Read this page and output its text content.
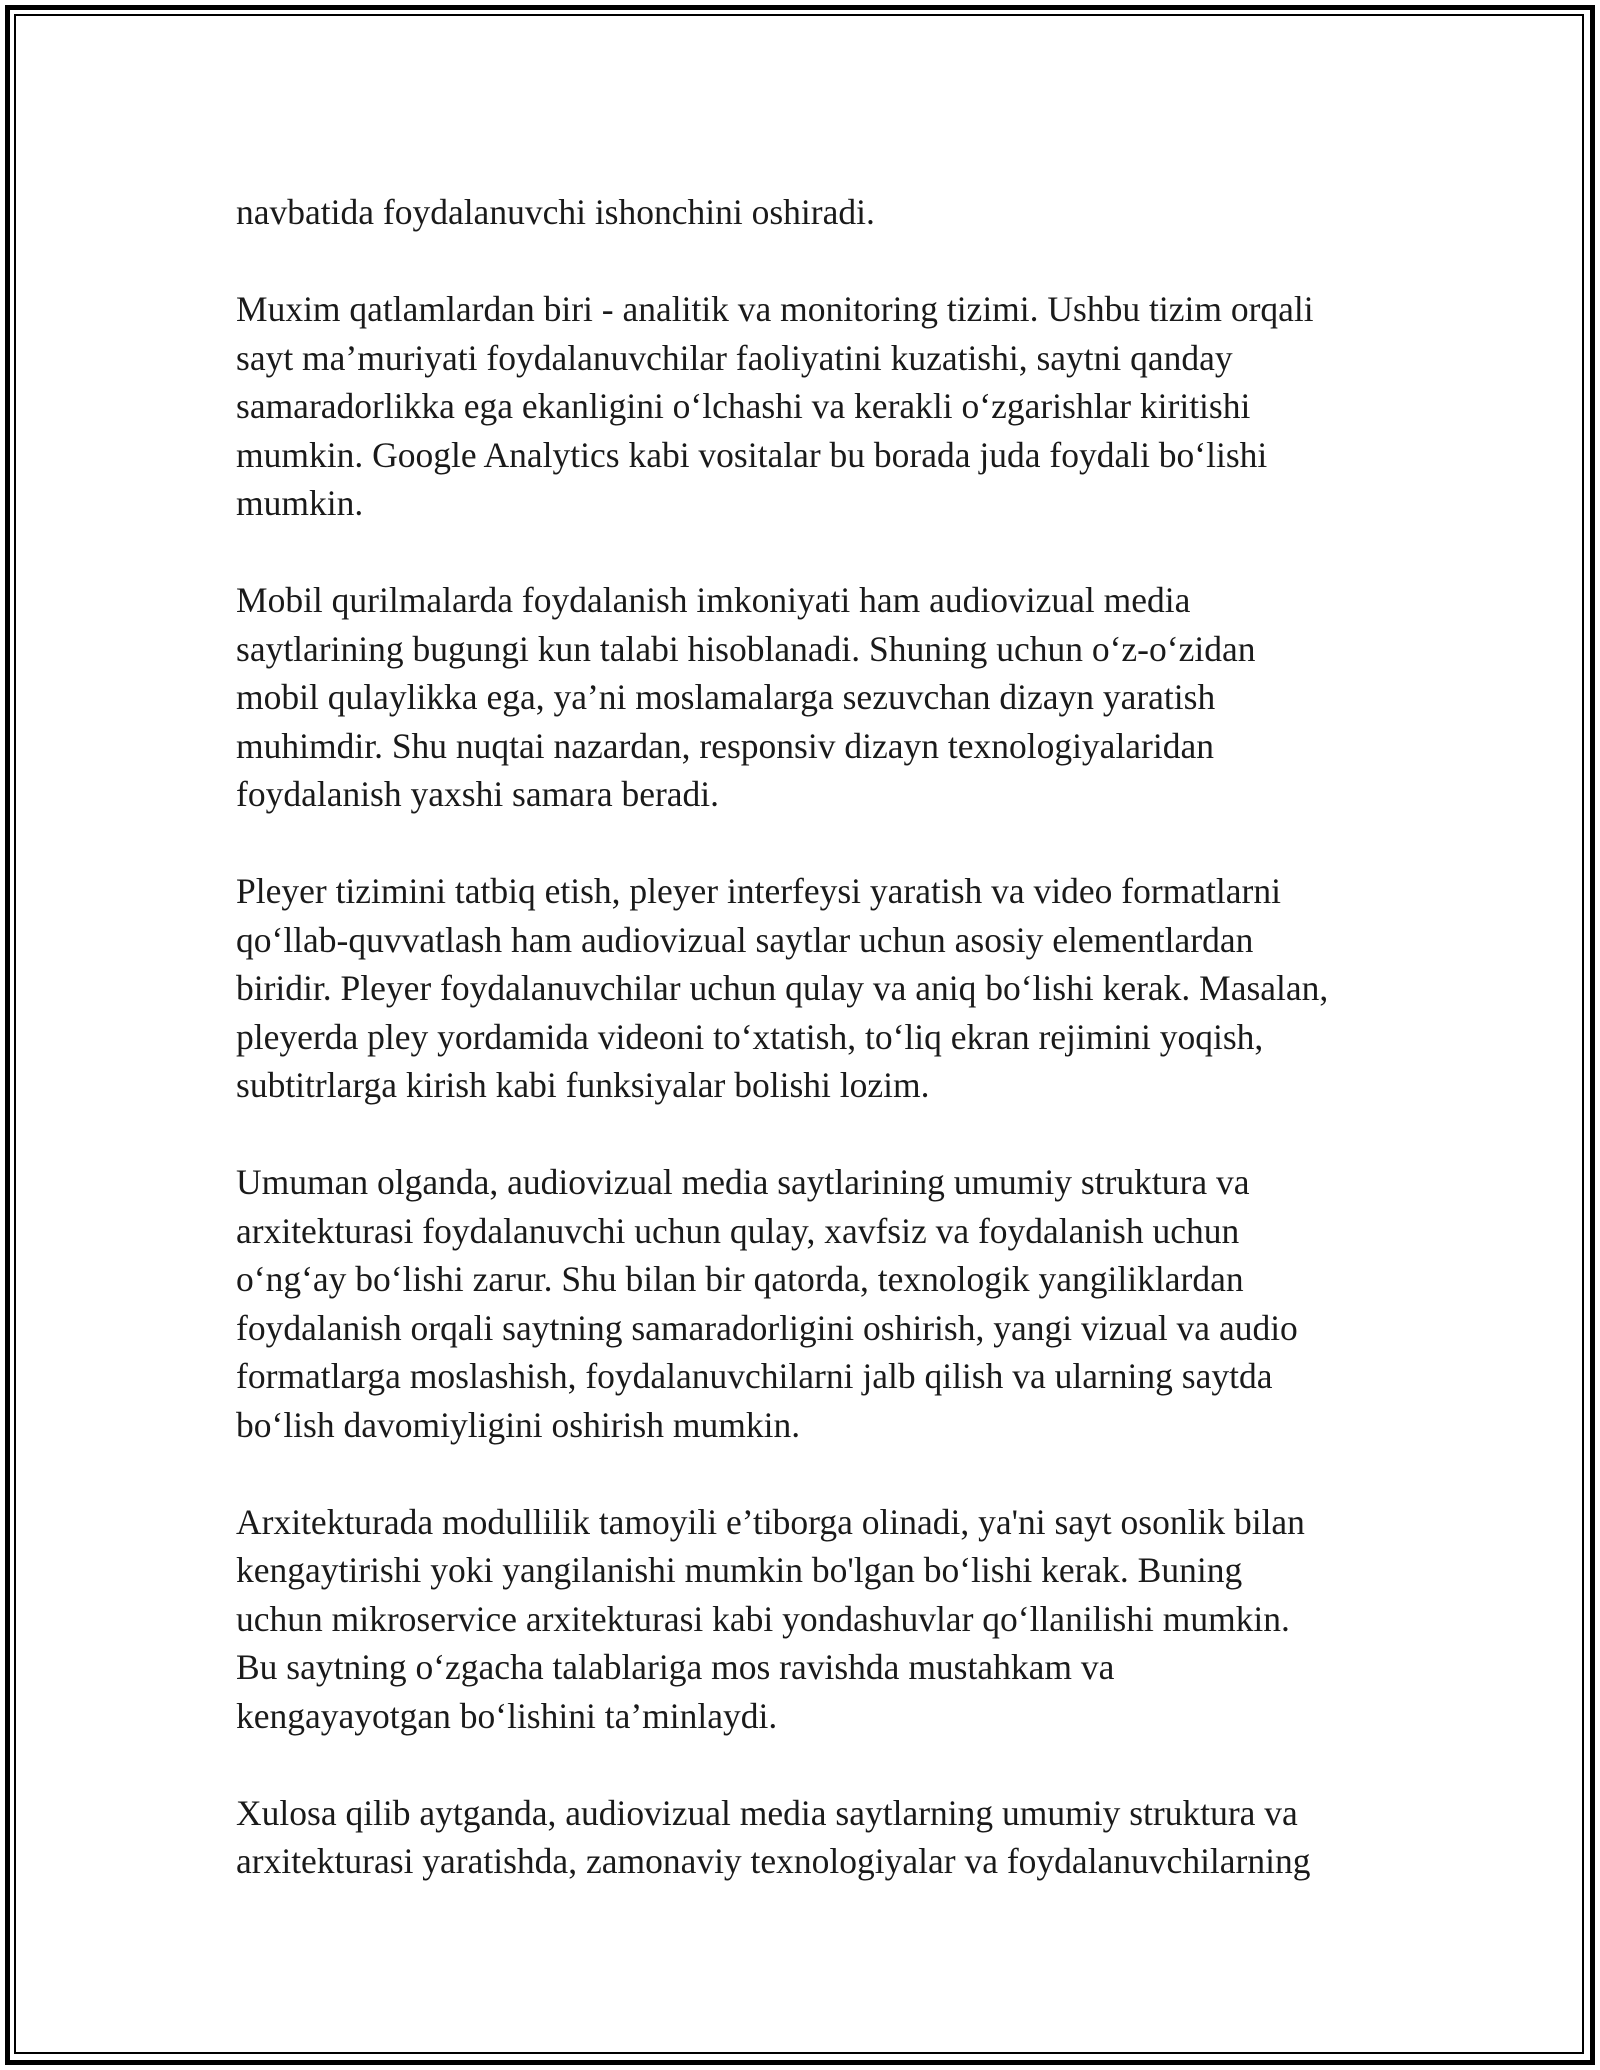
navbatida foydalanuvchi ishonchini oshiradi.
Muxim qatlamlardan biri - analitik va monitoring tizimi. Ushbu tizim orqali
sayt ma’muriyati foydalanuvchilar faoliyatini kuzatishi, saytni qanday
samaradorlikka ega ekanligini o‘lchashi va kerakli o‘zgarishlar kiritishi
mumkin. Google Analytics kabi vositalar bu borada juda foydali bo‘lishi
mumkin.
Mobil qurilmalarda foydalanish imkoniyati ham audiovizual media
saytlarining bugungi kun talabi hisoblanadi. Shuning uchun o‘z-o‘zidan
mobil qulaylikka ega, ya’ni moslamalarga sezuvchan dizayn yaratish
muhimdir. Shu nuqtai nazardan, responsiv dizayn texnologiyalaridan
foydalanish yaxshi samara beradi.
Pleyer tizimini tatbiq etish, pleyer interfeysi yaratish va video formatlarni
qo‘llab-quvvatlash ham audiovizual saytlar uchun asosiy elementlardan
biridir. Pleyer foydalanuvchilar uchun qulay va aniq bo‘lishi kerak. Masalan,
pleyerda pley yordamida videoni to‘xtatish, to‘liq ekran rejimini yoqish,
subtitrlarga kirish kabi funksiyalar bolishi lozim.
Umuman olganda, audiovizual media saytlarining umumiy struktura va
arxitekturasi foydalanuvchi uchun qulay, xavfsiz va foydalanish uchun
o‘ng‘ay bo‘lishi zarur. Shu bilan bir qatorda, texnologik yangiliklardan
foydalanish orqali saytning samaradorligini oshirish, yangi vizual va audio
formatlarga moslashish, foydalanuvchilarni jalb qilish va ularning saytda
bo‘lish davomiyligini oshirish mumkin.
Arxitekturada modullilik tamoyili e’tiborga olinadi, ya'ni sayt osonlik bilan
kengaytirishi yoki yangilanishi mumkin bo'lgan bo‘lishi kerak. Buning
uchun mikroservice arxitekturasi kabi yondashuvlar qo‘llanilishi mumkin.
Bu saytning o‘zgacha talablariga mos ravishda mustahkam va
kengayayotgan bo‘lishini ta’minlaydi.
Xulosa qilib aytganda, audiovizual media saytlarning umumiy struktura va
arxitekturasi yaratishda, zamonaviy texnologiyalar va foydalanuvchilarning
